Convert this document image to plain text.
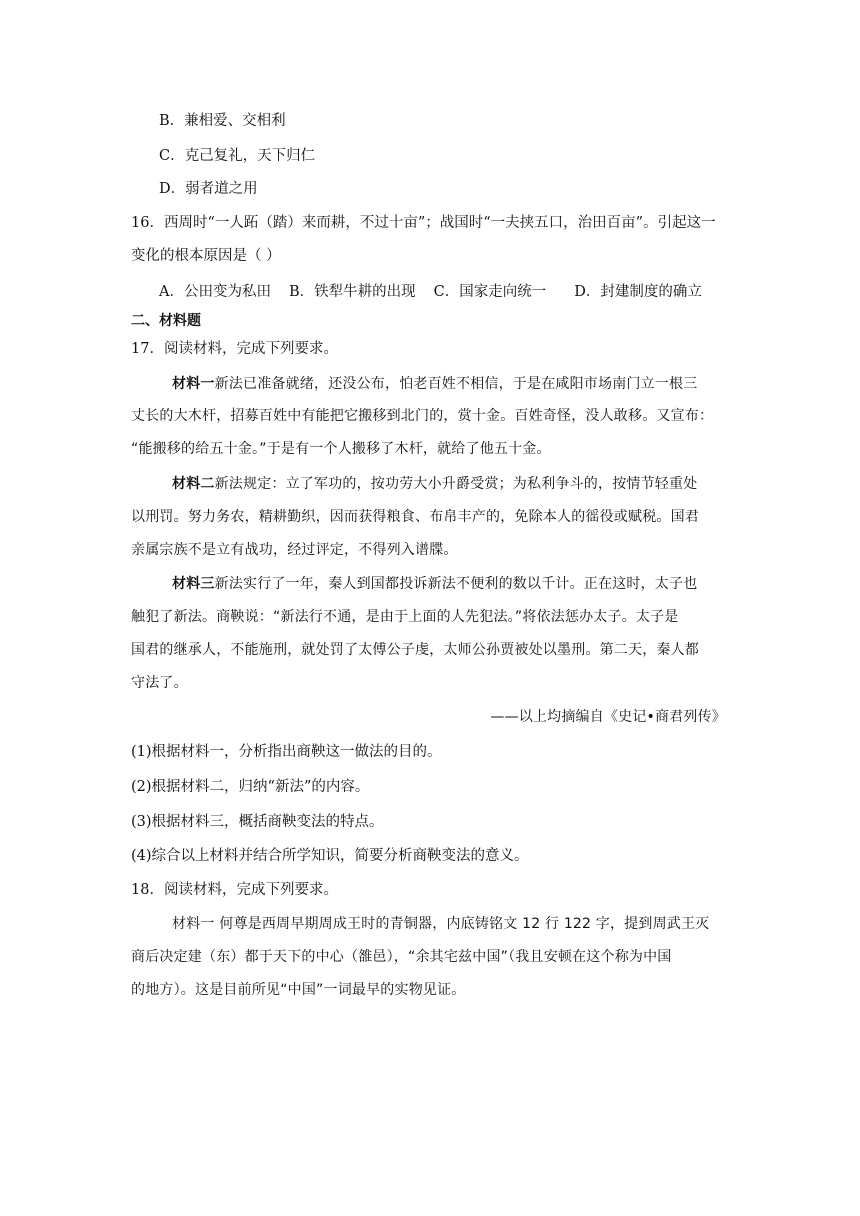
B．兼相爱、交相利
C．克己复礼，天下归仁
D．弱者道之用
16．西周时“一人跖（踏）来而耕，不过十亩”；战国时“一夫挟五口，治田百亩”。引起这一
变化的根本原因是（ ）
A．公田变为私田 B．铁犁牛耕的出现 C．国家走向统一 D．封建制度的确立
二、材料题
17．阅读材料，完成下列要求。
材料一新法已准备就绪，还没公布，怕老百姓不相信，于是在咸阳市场南门立一根三
丈长的大木杆，招募百姓中有能把它搬移到北门的，赏十金。百姓奇怪，没人敢移。又宣布：
“能搬移的给五十金。”于是有一个人搬移了木杆，就给了他五十金。
材料二新法规定：立了军功的，按功劳大小升爵受赏；为私利争斗的，按情节轻重处
以刑罚。努力务农，精耕勤织，因而获得粮食、布帛丰产的，免除本人的徭役或赋税。国君
亲属宗族不是立有战功，经过评定，不得列入谱牒。
材料三新法实行了一年，秦人到国都投诉新法不便利的数以千计。正在这时，太子也
触犯了新法。商鞅说：“新法行不通，是由于上面的人先犯法。”将依法惩办太子。太子是
国君的继承人，不能施刑，就处罚了太傅公子虔，太师公孙贾被处以墨刑。第二天，秦人都
守法了。
——以上均摘编自《史记•商君列传》
(1)根据材料一，分析指出商鞅这一做法的目的。
(2)根据材料二，归纳“新法”的内容。
(3)根据材料三，概括商鞅变法的特点。
(4)综合以上材料并结合所学知识，简要分析商鞅变法的意义。
18．阅读材料，完成下列要求。
材料一 何尊是西周早期周成王时的青铜器，内底铸铭文 12 行 122 字，提到周武王灭
商后决定建（东）都于天下的中心（雒邑），“余其宅兹中国”（我且安顿在这个称为中国
的地方）。这是目前所见“中国”一词最早的实物见证。
